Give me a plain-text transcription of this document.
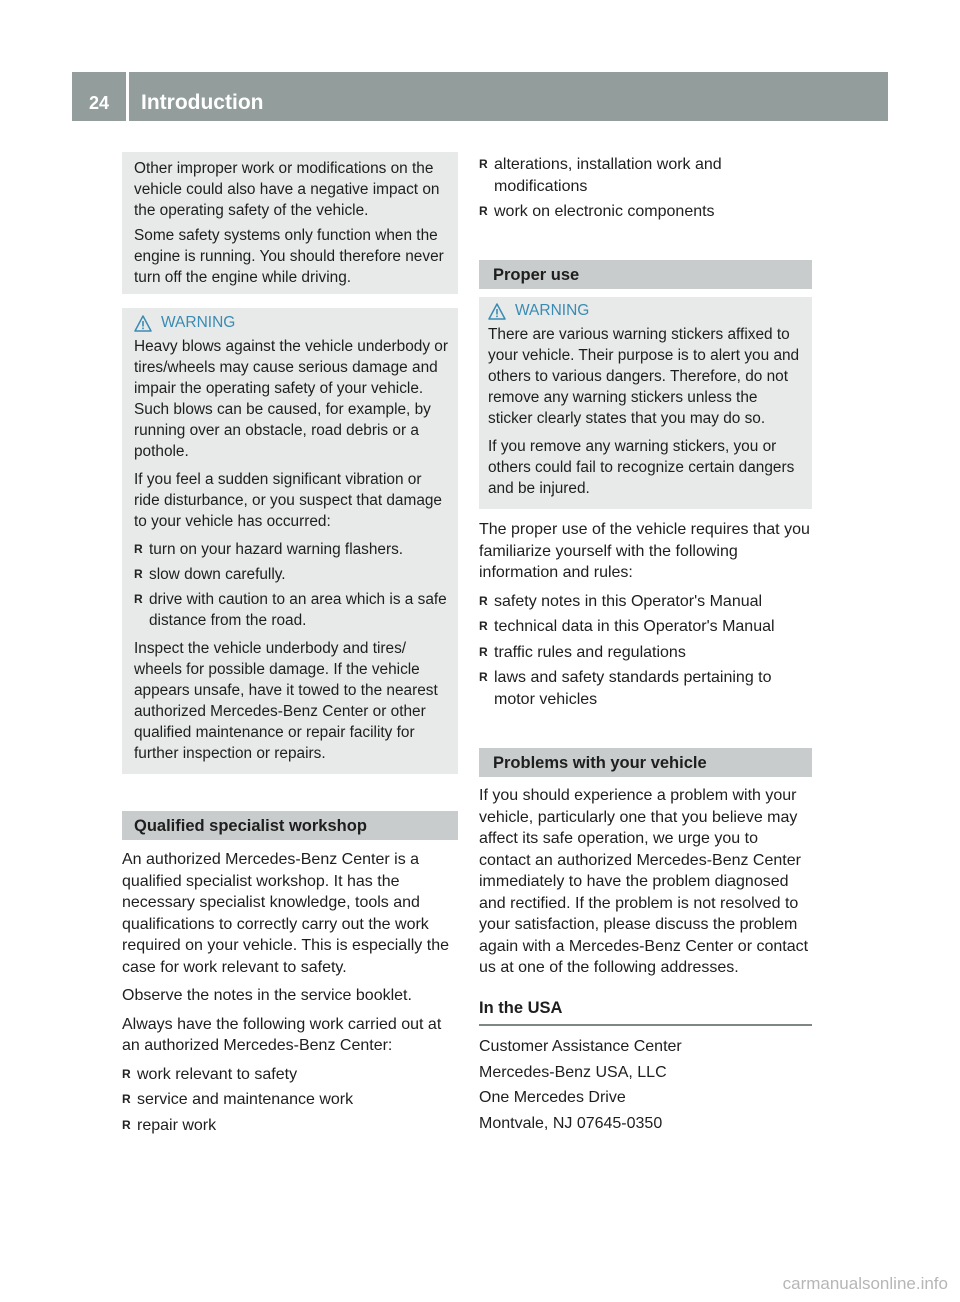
24	Introduction

Other improper work or modifications on the vehicle could also have a negative impact on the operating safety of the vehicle.

Some safety systems only function when the engine is running. You should therefore never turn off the engine while driving.

WARNING

Heavy blows against the vehicle underbody or tires/wheels may cause serious damage and impair the operating safety of your vehicle. Such blows can be caused, for example, by running over an obstacle, road debris or a pothole.

If you feel a sudden significant vibration or ride disturbance, or you suspect that damage to your vehicle has occurred:

R turn on your hazard warning flashers.
R slow down carefully.
R drive with caution to an area which is a safe distance from the road.

Inspect the vehicle underbody and tires/ wheels for possible damage. If the vehicle appears unsafe, have it towed to the nearest authorized Mercedes-Benz Center or other qualified maintenance or repair facility for further inspection or repairs.

Qualified specialist workshop

An authorized Mercedes-Benz Center is a qualified specialist workshop. It has the necessary specialist knowledge, tools and qualifications to correctly carry out the work required on your vehicle. This is especially the case for work relevant to safety.

Observe the notes in the service booklet.

Always have the following work carried out at an authorized Mercedes-Benz Center:

R work relevant to safety
R service and maintenance work
R repair work
R alterations, installation work and modifications
R work on electronic components
Proper use
WARNING

There are various warning stickers affixed to your vehicle. Their purpose is to alert you and others to various dangers. Therefore, do not remove any warning stickers unless the sticker clearly states that you may do so.

If you remove any warning stickers, you or others could fail to recognize certain dangers and be injured.

The proper use of the vehicle requires that you familiarize yourself with the following information and rules:

R safety notes in this Operator's Manual
R technical data in this Operator's Manual
R traffic rules and regulations
R laws and safety standards pertaining to motor vehicles
Problems with your vehicle

If you should experience a problem with your vehicle, particularly one that you believe may affect its safe operation, we urge you to contact an authorized Mercedes-Benz Center immediately to have the problem diagnosed and rectified. If the problem is not resolved to your satisfaction, please discuss the problem again with a Mercedes-Benz Center or contact us at one of the following addresses.

In the USA

Customer Assistance Center

Mercedes-Benz USA, LLC

One Mercedes Drive

Montvale, NJ 07645-0350

carmanualsonline.info
